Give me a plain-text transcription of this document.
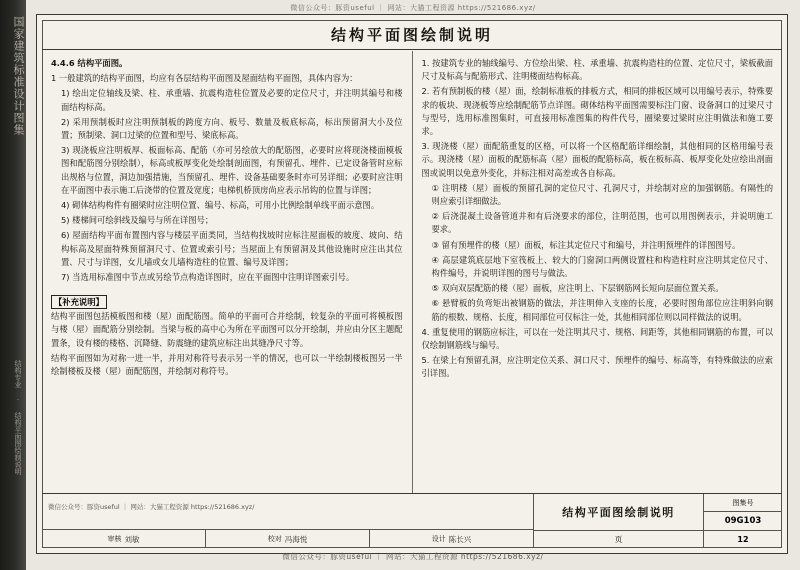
国家建筑标准设计图集
结构专业 · 结构平面图绘制说明
微信公众号：豚资useful ｜ 网站：大猫工程资源 https://521686.xyz/
结构平面图绘制说明

4.4.6 结构平面图。

1 一般建筑的结构平面图，均应有各层结构平面图及屋面结构平面图，具体内容为：

1) 绘出定位轴线及梁、柱、承重墙、抗震构造柱位置及必要的定位尺寸，并注明其编号和楼面结构标高。

2) 采用预制板时应注明预制板的跨度方向、板号、数量及板底标高，标出预留洞大小及位置；预制梁、洞口过梁的位置和型号、梁底标高。

3) 现浇板应注明板厚、板面标高、配筋（亦可另绘放大的配筋图，必要时应将现浇楼面模板图和配筋图分别绘制），标高或板厚变化处绘制剖面图，有预留孔、埋件、已定设备管时应标出规格与位置，洞边加强措施，当预留孔、埋件、设备基础要条时亦可另详细；必要时应注明在平面图中表示施工后浇带的位置及宽度；电梯机桥顶房尚应表示吊钩的位置与详图；

4) 砌体结构构件有圈梁时应注明位置、编号、标高，可用小比例绘制单线平面示意图。

5) 楼梯间可绘斜线及编号与所在详图号；

6) 屋面结构平面布置图内容与楼层平面类同，当结构找坡时应标注屋面板的坡度、坡向、结构标高及屋面特殊预留洞尺寸、位置或索引号；当屋面上有预留洞及其他设施时应注出其位置、尺寸与详图，女儿墙或女儿墙构造柱的位置、编号及详图；

7) 当选用标准图中节点或另绘节点构造详图时，应在平面图中注明详图索引号。

【补充说明】

结构平面图包括模板图和楼（屋）面配筋图。简单的平面可合并绘制，较复杂的平面可将模板图与楼（屋）面配筋分别绘制。当梁与板的高中心为所在平面图可以分开绘制，并应由分区主题配置条，设有楼的楼格、沉降缝、防震缝的建筑应标注出其缝净尺寸等。

结构平面图如为对称一进一半，并用对称符号表示另一半的情况，也可以一半绘制楼板图另一半绘制楼板及楼（屋）面配筋图，并绘制对称符号。

1. 按建筑专业的轴线编号、方位绘出梁、柱、承重墙、抗震构造柱的位置、定位尺寸，梁板截面尺寸及标高与配筋形式、注明楼面结构标高。

2. 若有预制板的楼（屋）面，绘制标准板的排板方式，相同的排板区域可以用编号表示，特殊要求的板块、现浇板等应绘制配筋节点详图。砌体结构平面图需要标注门窗、设备洞口的过梁尺寸与型号，选用标准图集时，可直接用标准图集的构件代号，圈梁要过梁时应注明做法和施工要求。

3. 现浇楼（屋）面配筋重复的区格，可以将一个区格配筋详细绘制，其他相同的区格用编号表示。现浇楼（屋）面板的配筋标高（屋）面板的配筋标高，板在板标高、板厚变化处应绘出剖面图或说明以免意外变化，并标注相对高差或各自标高。

① 注明楼（屋）面板的预留孔洞的定位尺寸、孔洞尺寸，并绘制对应的加强钢筋。有隔性的则应索引详细做法。

② 后浇混凝土设备管道井和有后浇要求的部位，注明范围，也可以用图例表示，并说明施工要求。

③ 留有预埋件的楼（屋）面板，标注其定位尺寸和编号，并注明预埋件的详图图号。

④ 高层建筑底层地下室筏板上、较大的门窗洞口两侧设置柱和构造柱时应注明其定位尺寸、构件编号，并说明详图的图号与做法。

⑤ 双向双层配筋的楼（屋）面板，应注明上、下层钢筋网长短向层面位置关系。

⑥ 悬臂板的负弯矩出被钢筋的做法，并注明伸入支座的长度，必要时图角部位应注明斜向钢筋的根数、规格、长度，相同部位可仅标注一处，其他相同部位则以同样做法的说明。

4. 重复使用的钢筋应标注，可以在一处注明其尺寸、规格、间距等，其他相同钢筋的布置，可以仅绘制钢筋线与编号。

5. 在梁上有预留孔洞，应注明定位关系、洞口尺寸、预埋件的编号、标高等，有特殊做法的应索引详图。

微信公众号：豚资useful ｜ 网站：大猫工程资源 https://521686.xyz/
审核 刘敏	校对 冯海悦	设计 陈长兴
结构平面图绘制说明
图集号
09G103
页	12
微信公众号：豚资useful ｜ 网站：大猫工程资源 https://521686.xyz/
